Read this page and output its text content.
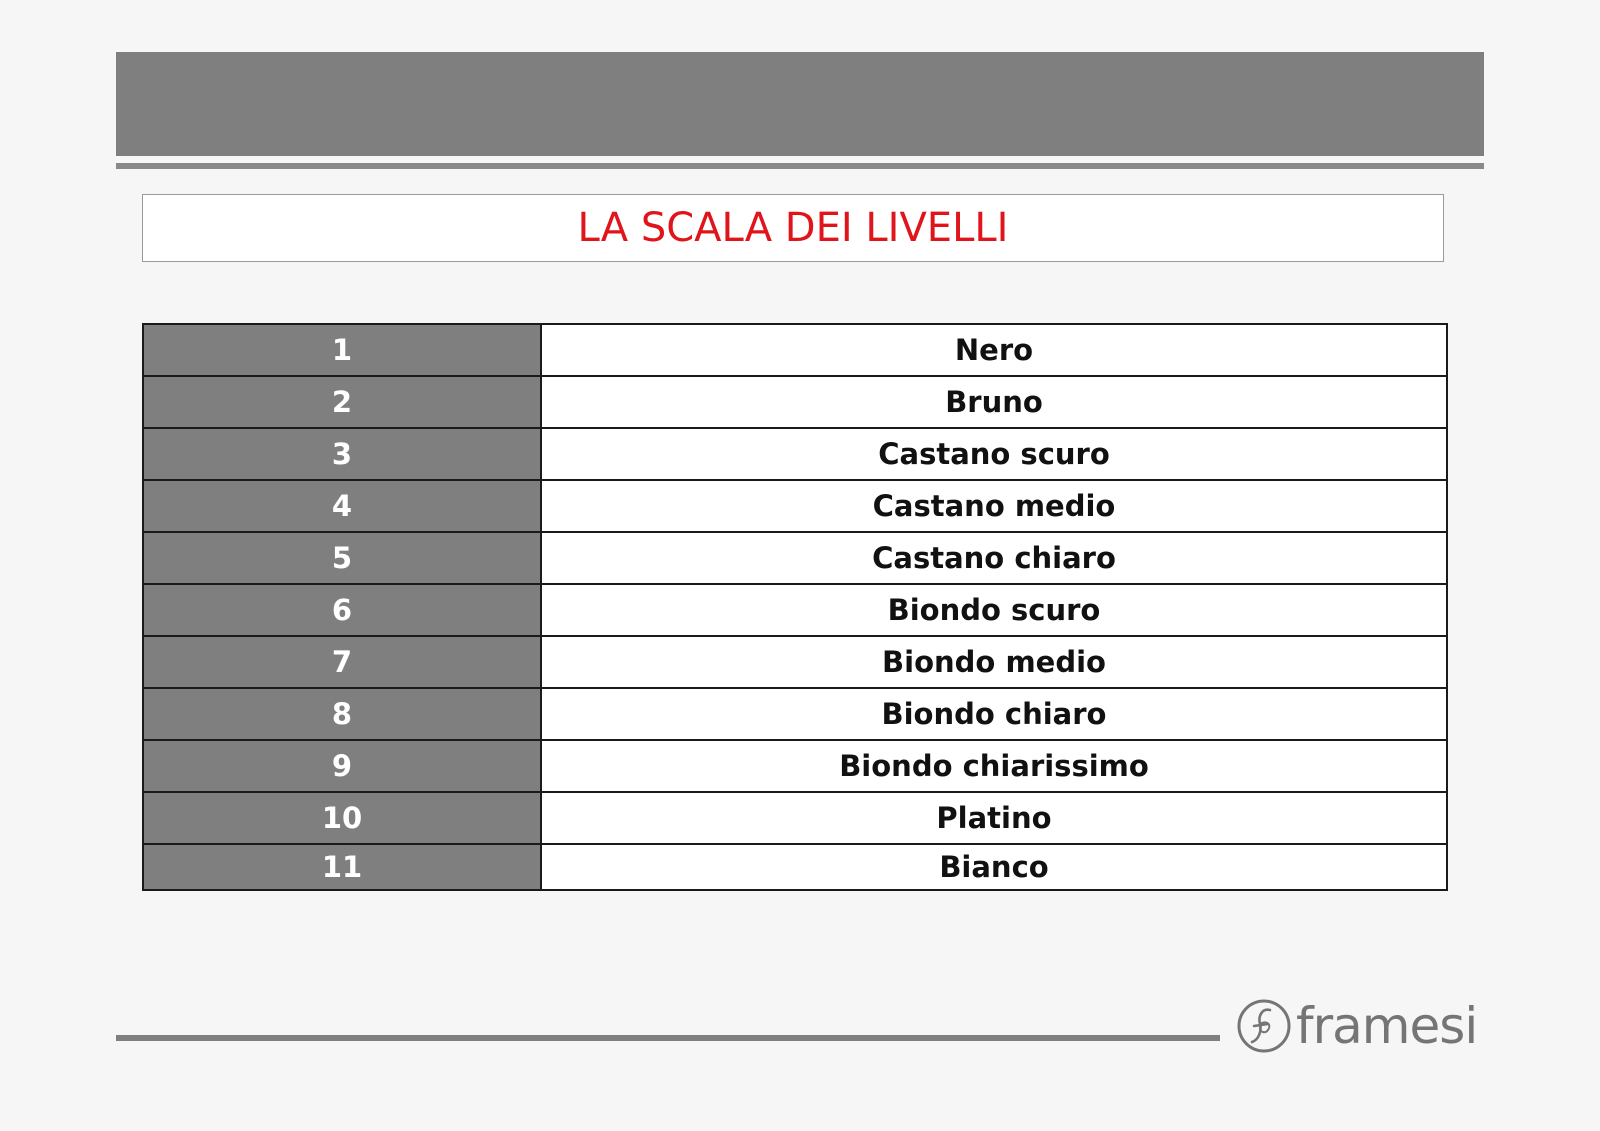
LA SCALA DEI LIVELLI
1	Nero
2	Bruno
3	Castano scuro
4	Castano medio
5	Castano chiaro
6	Biondo scuro
7	Biondo medio
8	Biondo chiaro
9	Biondo chiarissimo
10	Platino
11	Bianco
framesi
